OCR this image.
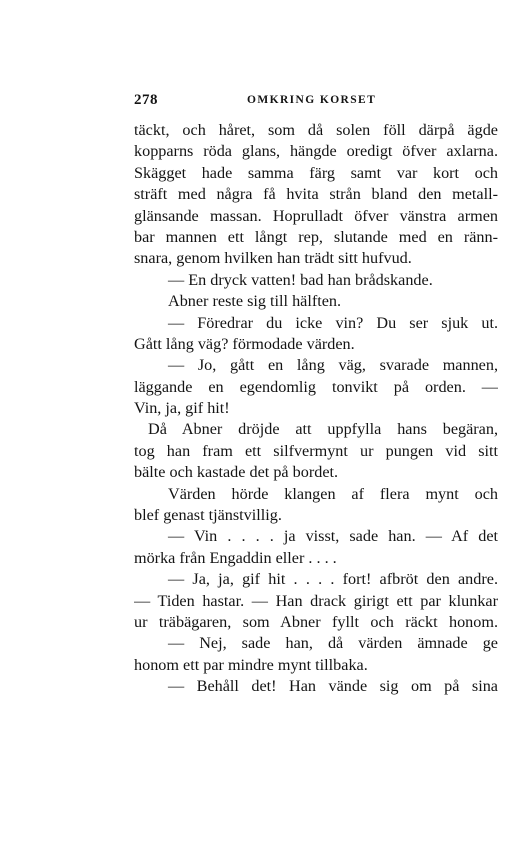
278	OMKRING KORSET
täckt, och håret, som då solen föll därpå ägde
kopparns röda glans, hängde oredigt öfver axlarna.
Skägget hade samma färg samt var kort och
sträft med några få hvita strån bland den metall-
glänsande massan. Hoprulladt öfver vänstra armen
bar mannen ett långt rep, slutande med en ränn-
snara, genom hvilken han trädt sitt hufvud.
— En dryck vatten! bad han brådskande.
Abner reste sig till hälften.
— Föredrar du icke vin? Du ser sjuk ut.
Gått lång väg? förmodade värden.
— Jo, gått en lång väg, svarade mannen,
läggande en egendomlig tonvikt på orden. —
Vin, ja, gif hit!
Då Abner dröjde att uppfylla hans begäran,
tog han fram ett silfvermynt ur pungen vid sitt
bälte och kastade det på bordet.
Värden hörde klangen af flera mynt och
blef genast tjänstvillig.
— Vin . . . . ja visst, sade han. — Af det
mörka från Engaddin eller . . . .
— Ja, ja, gif hit . . . . fort! afbröt den andre.
— Tiden hastar. — Han drack girigt ett par klunkar
ur träbägaren, som Abner fyllt och räckt honom.
— Nej, sade han, då värden ämnade ge
honom ett par mindre mynt tillbaka.
— Behåll det! Han vände sig om på sina
